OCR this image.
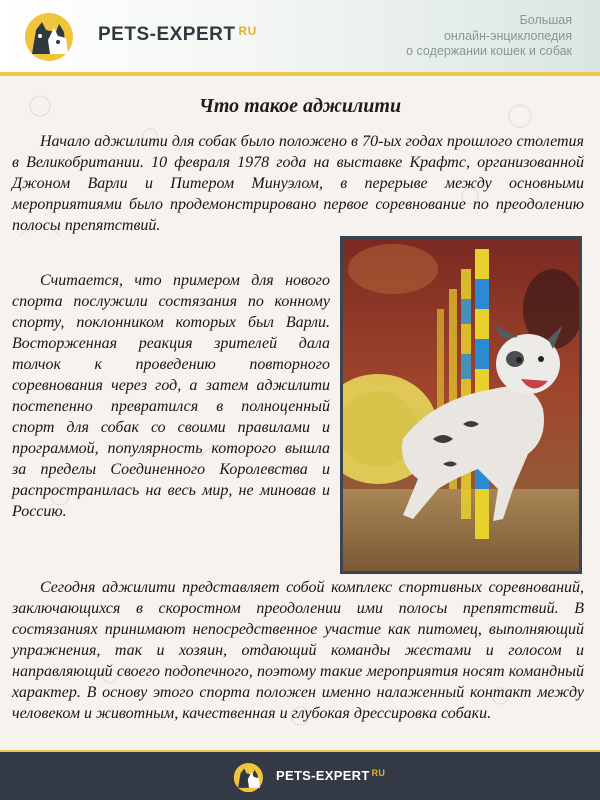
PETS-EXPERT $^{RU}$
Большая
онлайн-энциклопедия
о содержании кошек и собак
Что такое аджилити

Начало аджилити для собак было положено в 70-ых годах прошлого столетия в Великобритании. 10 февраля 1978 года на выставке Крафтс, организованной Джоном Варли и Питером Минуэлом, в перерыве между основными мероприятиями было продемонстрировано первое соревнование по преодолению полосы препятствий.

Считается, что примером для нового спорта послужили состязания по конному спорту, поклонником которых был Варли. Восторженная реакция зрителей дала толчок к проведению повторного соревнования через год, а затем аджилити постепенно превратился в полноценный спорт для собак со своими правилами и программой, популярность которого вышла за пределы Соединенного Королевства и распространилась на весь мир, не миновав и Россию.

Сегодня аджилити представляет собой комплекс спортивных соревнований, заключающихся в скоростном преодолении ими полосы препятствий. В состязаниях принимают непосредственное участие как питомец, выполняющий упражнения, так и хозяин, отдающий команды жестами и голосом и направляющий своего подопечного, поэтому такие мероприятия носят командный характер. В основу этого спорта положен именно налаженный контакт между человеком и животным, качественная и глубокая дрессировка собаки.

PETS-EXPERT $^{RU}$
